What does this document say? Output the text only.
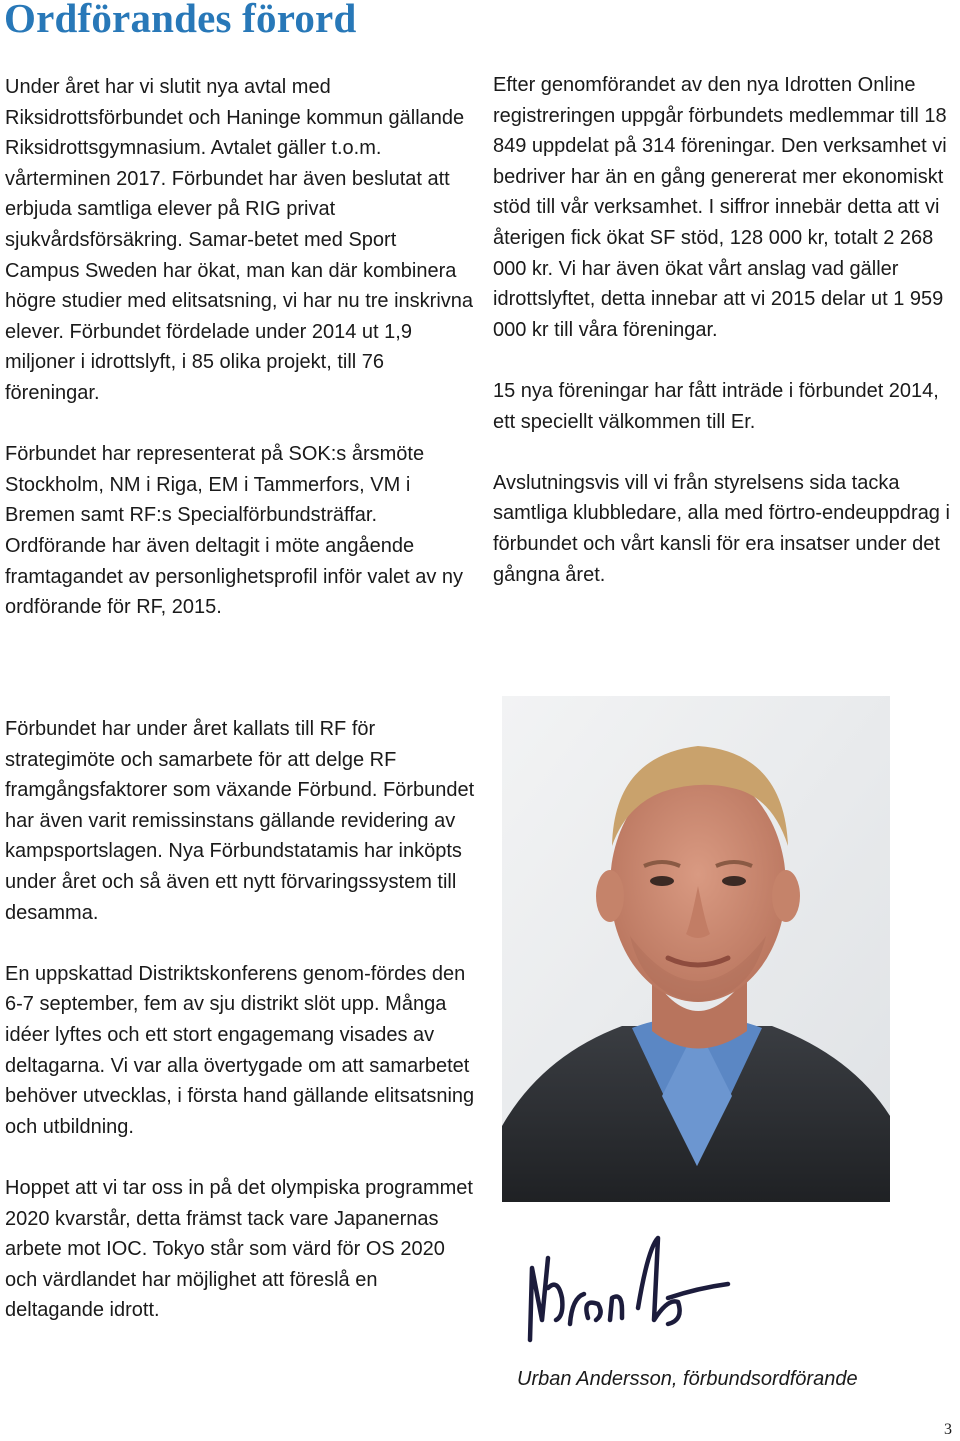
Ordförandes förord

Under året har vi slutit nya avtal med Riksidrottsförbundet och Haninge kommun gällande Riksidrottsgymnasium. Avtalet gäller t.o.m. vårterminen 2017. Förbundet har även beslutat att erbjuda samtliga elever på RIG privat sjukvårdsförsäkring. Samar-betet med Sport Campus Sweden har ökat, man kan där kombinera högre studier med elitsatsning, vi har nu tre inskrivna elever. Förbundet fördelade under 2014 ut 1,9 miljoner i idrottslyft, i 85 olika projekt, till 76 föreningar.

Förbundet har representerat på SOK:s årsmöte Stockholm, NM i Riga, EM i Tammerfors, VM i Bremen samt RF:s Specialförbundsträffar. Ordförande har även deltagit i möte angående framtagandet av personlighetsprofil inför valet av ny ordförande för RF, 2015.

Efter genomförandet av den nya Idrotten Online registreringen uppgår förbundets medlemmar till 18 849 uppdelat på 314 föreningar. Den verksamhet vi bedriver har än en gång genererat mer ekonomiskt stöd till vår verksamhet. I siffror innebär detta att vi återigen fick ökat SF stöd, 128 000 kr, totalt 2 268 000 kr. Vi har även ökat vårt anslag vad gäller idrottslyftet, detta innebar att vi 2015 delar ut 1 959 000 kr till våra föreningar.

15 nya föreningar har fått inträde i förbundet 2014, ett speciellt välkommen till Er.

Avslutningsvis vill vi från styrelsens sida tacka samtliga klubbledare, alla med förtro-endeuppdrag i förbundet och vårt kansli för era insatser under det gångna året.

Förbundet har under året kallats till RF för strategimöte och samarbete för att delge RF framgångsfaktorer som växande Förbund. Förbundet har även varit remissinstans gällande revidering av kampsportslagen. Nya Förbundstatamis har inköpts under året och så även ett nytt förvaringssystem till desamma.

En uppskattad Distriktskonferens genom-fördes den 6-7 september, fem av sju distrikt slöt upp. Många idéer lyftes och ett stort engagemang visades av deltagarna. Vi var alla övertygade om att samarbetet behöver utvecklas, i första hand gällande elitsatsning och utbildning.

Hoppet att vi tar oss in på det olympiska programmet 2020 kvarstår, detta främst tack vare Japanernas arbete mot IOC. Tokyo står som värd för OS 2020 och värdlandet har möjlighet att föreslå en deltagande idrott.

Urban Andersson, förbundsordförande
3
